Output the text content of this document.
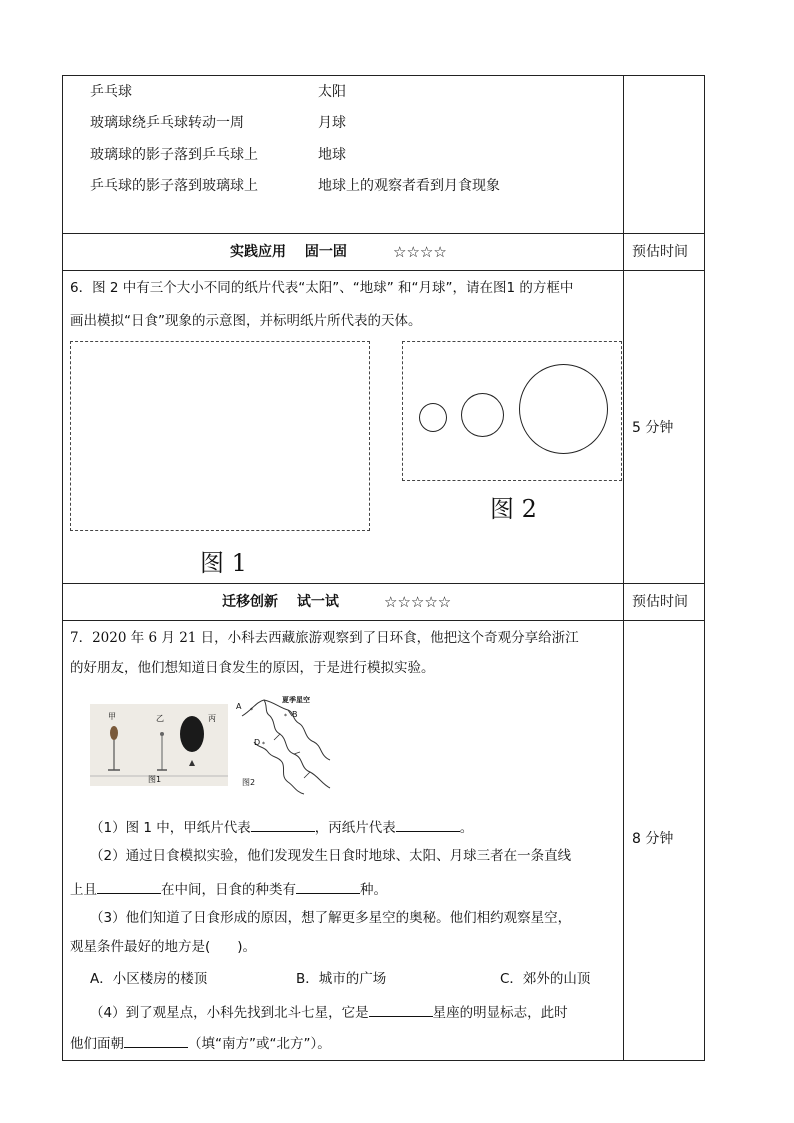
乒乓球	太阳
玻璃球绕乒乓球转动一周	月球
玻璃球的影子落到乒乓球上	地球
乒乓球的影子落到玻璃球上	地球上的观察者看到月食现象
实践应用　 固一固	☆☆☆☆	预估时间
6．图 2 中有三个大小不同的纸片代表“太阳”、“地球” 和“月球”，请在图1 的方框中
画出模拟“日食”现象的示意图，并标明纸片所代表的天体。
图 1
图 2
5 分钟
迁移创新　 试一试	☆☆☆☆☆	预估时间
7．2020 年 6 月 21 日，小科去西藏旅游观察到了日环食，他把这个奇观分享给浙江
的好朋友，他们想知道日食发生的原因，于是进行模拟实验。
甲	乙	丙
图1
*
*
*
夏季星空
A
B
D
图2
（1）图 1 中，甲纸片代表	，丙纸片代表	。
（2）通过日食模拟实验，他们发现发生日食时地球、太阳、月球三者在一条直线
上且	在中间，日食的种类有	种。
（3）他们知道了日食形成的原因，想了解更多星空的奥秘。他们相约观察星空，
观星条件最好的地方是(　　)。
A．小区楼房的楼顶	B．城市的广场	C．郊外的山顶
（4）到了观星点，小科先找到北斗七星，它是	星座的明显标志，此时
他们面朝	（填“南方”或“北方”）。
8 分钟
